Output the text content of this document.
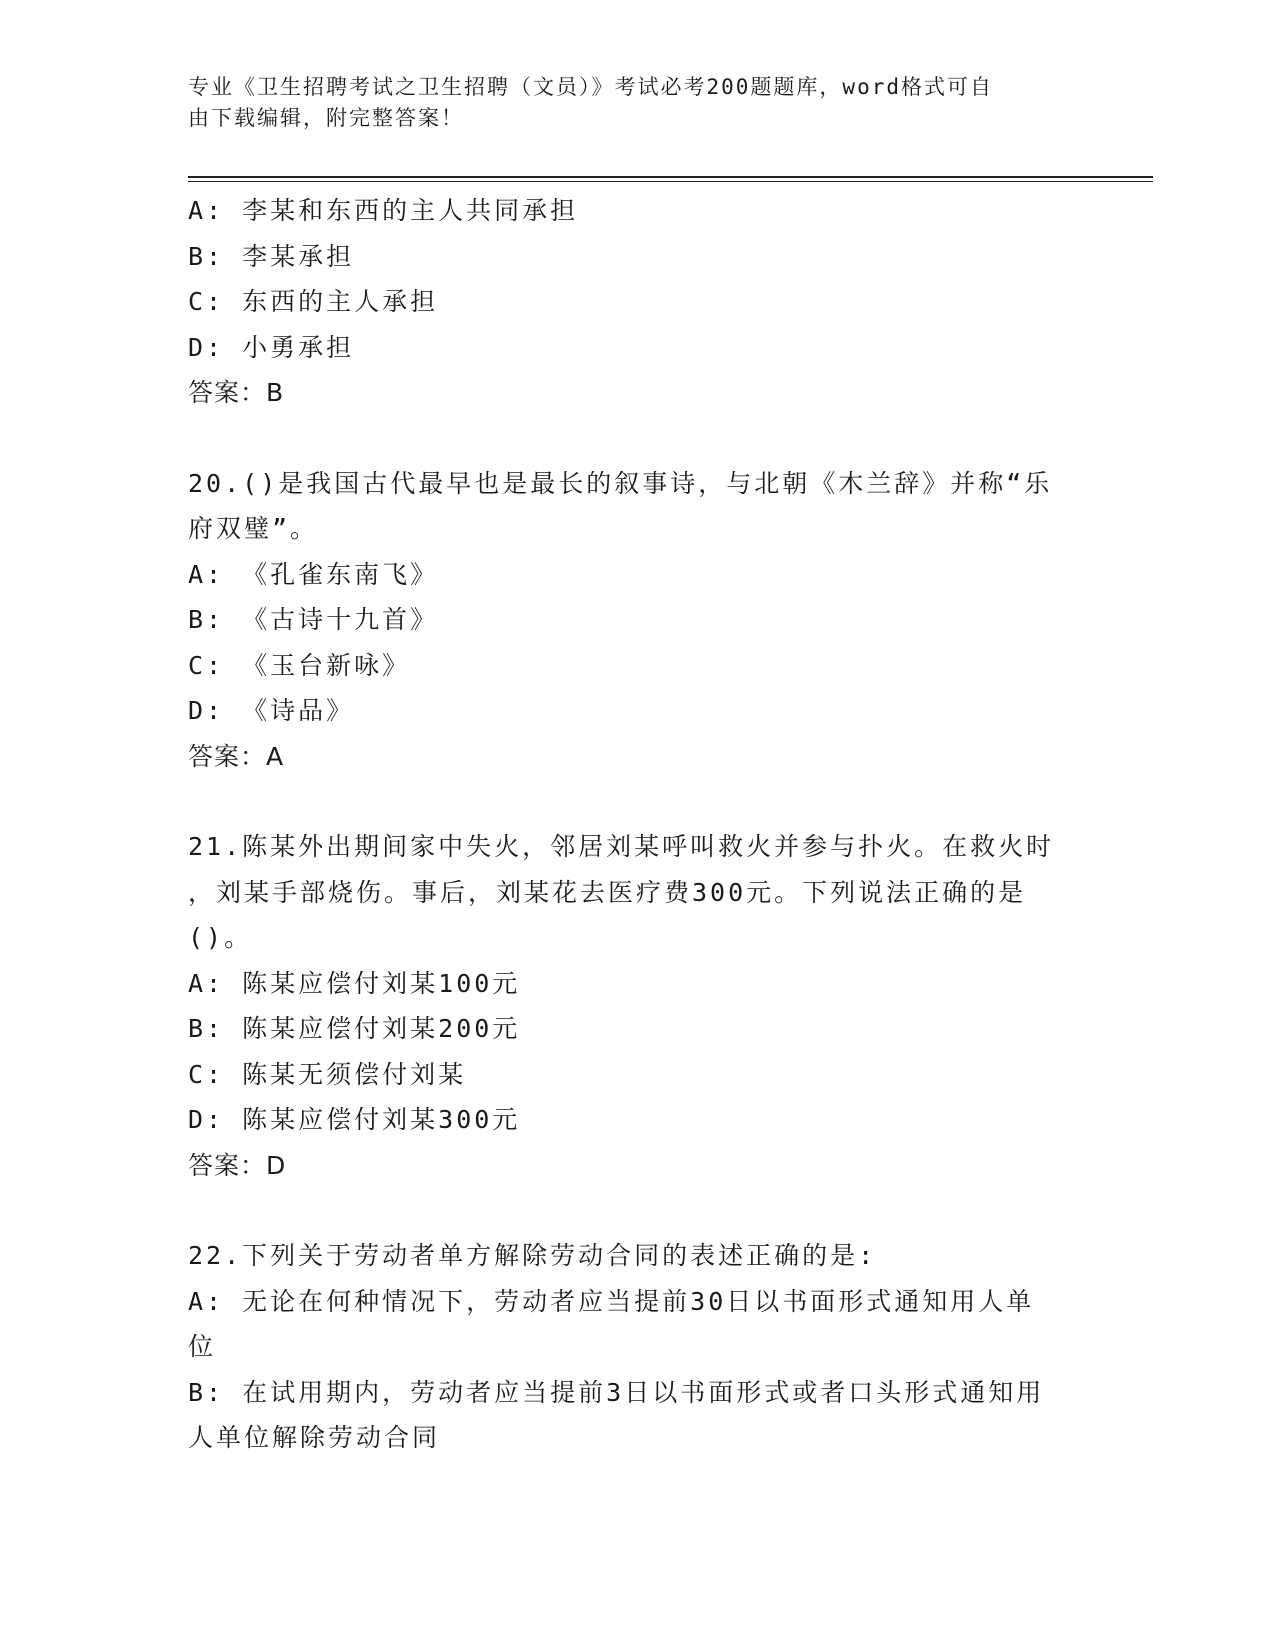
专业《卫生招聘考试之卫生招聘（文员）》考试必考200题题库，word格式可自
由下载编辑，附完整答案！
A: 李某和东西的主人共同承担
B: 李某承担
C: 东西的主人承担
D: 小勇承担
答案：B
20.()是我国古代最早也是最长的叙事诗，与北朝《木兰辞》并称“乐
府双璧”。
A: 《孔雀东南飞》
B: 《古诗十九首》
C: 《玉台新咏》
D: 《诗品》
答案：A
21.陈某外出期间家中失火，邻居刘某呼叫救火并参与扑火。在救火时
，刘某手部烧伤。事后，刘某花去医疗费300元。下列说法正确的是
()。
A: 陈某应偿付刘某100元
B: 陈某应偿付刘某200元
C: 陈某无须偿付刘某
D: 陈某应偿付刘某300元
答案：D
22.下列关于劳动者单方解除劳动合同的表述正确的是:
A: 无论在何种情况下，劳动者应当提前30日以书面形式通知用人单
位
B: 在试用期内，劳动者应当提前3日以书面形式或者口头形式通知用
人单位解除劳动合同
